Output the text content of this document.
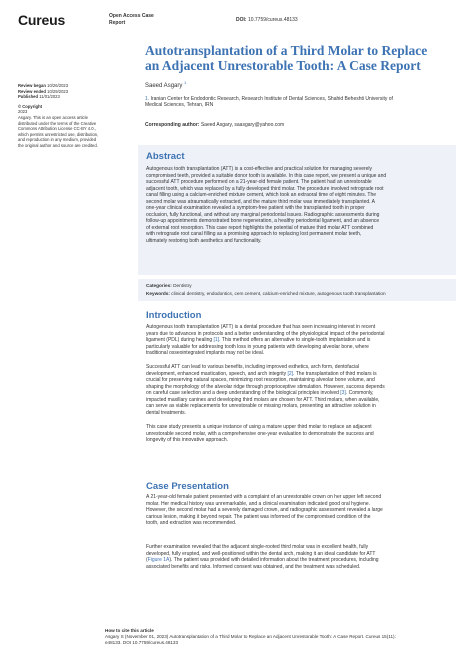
Cureus	Open Access Case
Report	DOI: 10.7759/cureus.48133
Autotransplantation of a Third Molar to Replace
an Adjacent Unrestorable Tooth: A Case Report
Saeed Asgary $^1$
Review began 10/26/2023
Review ended 10/29/2023
Published 11/01/2023
© Copyright
2023
Asgary. This is an open access article
distributed under the terms of the Creative
Commons Attribution License CC-BY 4.0.,
which permits unrestricted use, distribution,
and reproduction in any medium, provided
the original author and source are credited.
1. Iranian Center for Endodontic Research, Research Institute of Dental Sciences, Shahid Beheshti University of
Medical Sciences, Tehran, IRN
Corresponding author: Saeed Asgary, saasgary@yahoo.com
Abstract
Autogenous tooth transplantation (ATT) is a cost-effective and practical solution for managing severely
compromised teeth, provided a suitable donor tooth is available. In this case report, we present a unique and
successful ATT procedure performed on a 21-year-old female patient. The patient had an unrestorable
adjacent tooth, which was replaced by a fully developed third molar. The procedure involved retrograde root
canal filling using a calcium-enriched mixture cement, which took an extraoral time of eight minutes. The
second molar was atraumatically extracted, and the mature third molar was immediately transplanted. A
one-year clinical examination revealed a symptom-free patient with the transplanted tooth in proper
occlusion, fully functional, and without any marginal periodontal issues. Radiographic assessments during
follow-up appointments demonstrated bone regeneration, a healthy periodontal ligament, and an absence
of external root resorption. This case report highlights the potential of mature third molar ATT combined
with retrograde root canal filling as a promising approach to replacing lost permanent molar teeth,
ultimately restoring both aesthetics and functionality.
Categories: Dentistry
Keywords: clinical dentistry, endodontics, cem cement, calcium-enriched mixture, autogenous tooth transplantation
Introduction
Autogenous tooth transplantation (ATT) is a dental procedure that has seen increasing interest in recent
years due to advances in protocols and a better understanding of the physiological impact of the periodontal
ligament (PDL) during healing [1]. This method offers an alternative to single-tooth implantation and is
particularly valuable for addressing tooth loss in young patients with developing alveolar bone, where
traditional osseointegrated implants may not be ideal.
Successful ATT can lead to various benefits, including improved esthetics, arch form, dentofacial
development, enhanced mastication, speech, and arch integrity [2]. The transplantation of third molars is
crucial for preserving natural spaces, minimizing root resorption, maintaining alveolar bone volume, and
shaping the morphology of the alveolar ridge through proprioceptive stimulation. However, success depends
on careful case selection and a deep understanding of the biological principles involved [3]. Commonly,
impacted maxillary canines and developing third molars are chosen for ATT. Third molars, when available,
can serve as viable replacements for unrestorable or missing molars, presenting an attractive solution in
dental treatments.
This case study presents a unique instance of using a mature upper third molar to replace an adjacent
unrestorable second molar, with a comprehensive one-year evaluation to demonstrate the success and
longevity of this innovative approach.
Case Presentation
A 21-year-old female patient presented with a complaint of an unrestorable crown on her upper left second
molar. Her medical history was unremarkable, and a clinical examination indicated good oral hygiene.
However, the second molar had a severely damaged crown, and radiographic assessment revealed a large
carious lesion, making it beyond repair. The patient was informed of the compromised condition of the
tooth, and extraction was recommended.
Further examination revealed that the adjacent single-rooted third molar was in excellent health, fully
developed, fully erupted, and well-positioned within the dental arch, making it an ideal candidate for ATT
(Figure 1A). The patient was provided with detailed information about the treatment procedures, including
associated benefits and risks. Informed consent was obtained, and the treatment was scheduled.
How to cite this article
Asgary S (November 01, 2023) Autotransplantation of a Third Molar to Replace an Adjacent Unrestorable Tooth: A Case Report. Cureus 15(11):
e48133. DOI 10.7759/cureus.48133
